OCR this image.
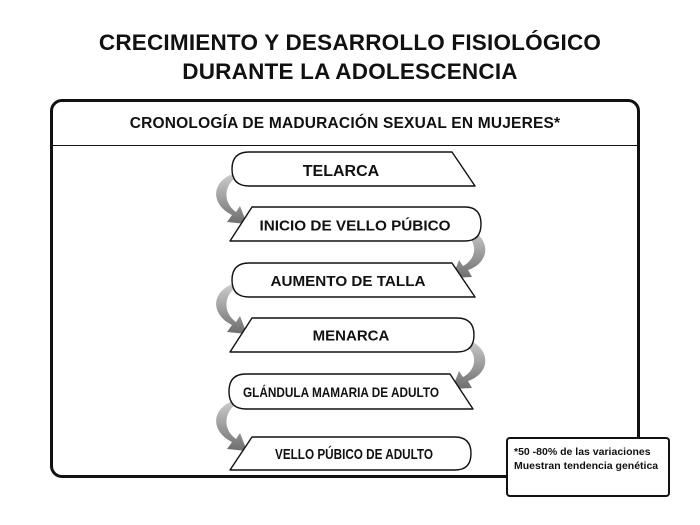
CRECIMIENTO Y DESARROLLO FISIOLÓGICO
DURANTE LA ADOLESCENCIA
CRONOLOGÍA DE MADURACIÓN SEXUAL EN MUJERES*
TELARCA
INICIO DE VELLO PÚBICO
AUMENTO DE TALLA
MENARCA
GLÁNDULA MAMARIA DE ADULTO
VELLO PÚBICO DE ADULTO	*50 -80% de las variaciones
Muestran tendencia genética
